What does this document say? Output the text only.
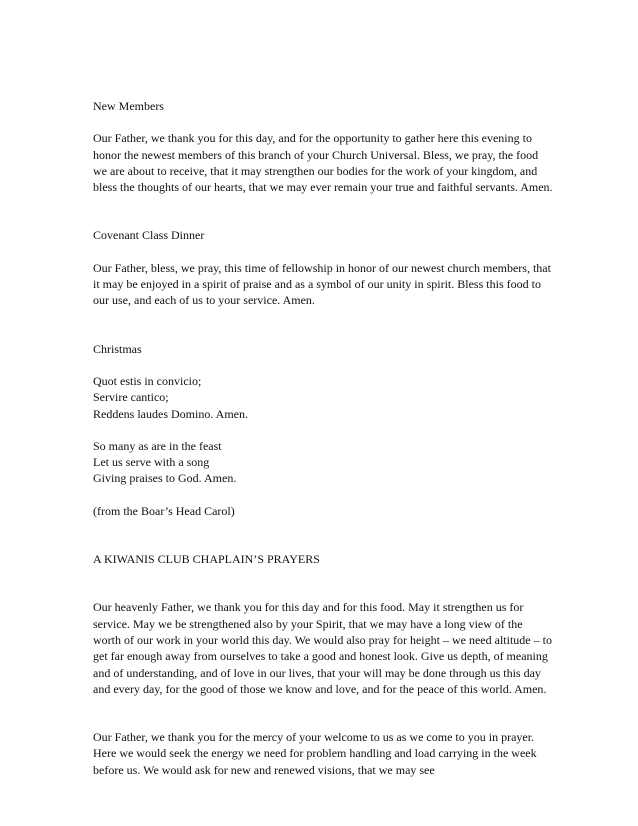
New Members

Our Father, we thank you for this day, and for the opportunity to gather here this evening to honor the newest members of this branch of your Church Universal. Bless, we pray, the food we are about to receive, that it may strengthen our bodies for the work of your kingdom, and bless the thoughts of our hearts, that we may ever remain your true and faithful servants. Amen.

Covenant Class Dinner

Our Father, bless, we pray, this time of fellowship in honor of our newest church members, that it may be enjoyed in a spirit of praise and as a symbol of our unity in spirit. Bless this food to our use, and each of us to your service. Amen.

Christmas

Quot estis in convicio;
Servire cantico;
Reddens laudes Domino. Amen.
So many as are in the feast
Let us serve with a song
Giving praises to God. Amen.

(from the Boar’s Head Carol)

A KIWANIS CLUB CHAPLAIN’S PRAYERS

Our heavenly Father, we thank you for this day and for this food. May it strengthen us for service. May we be strengthened also by your Spirit, that we may have a long view of the worth of our work in your world this day. We would also pray for height – we need altitude – to get far enough away from ourselves to take a good and honest look. Give us depth, of meaning and of understanding, and of love in our lives, that your will may be done through us this day and every day, for the good of those we know and love, and for the peace of this world. Amen.

Our Father, we thank you for the mercy of your welcome to us as we come to you in prayer. Here we would seek the energy we need for problem handling and load carrying in the week before us. We would ask for new and renewed visions, that we may see
